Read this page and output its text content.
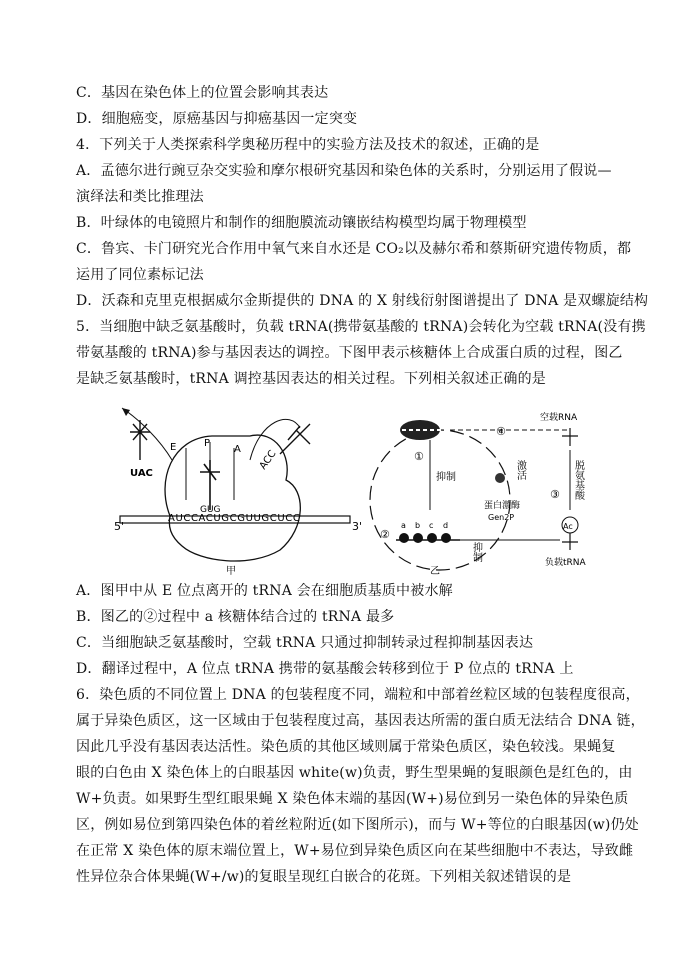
C．基因在染色体上的位置会影响其表达
D．细胞癌变，原癌基因与抑癌基因一定突变
4．下列关于人类探索科学奥秘历程中的实验方法及技术的叙述，正确的是
A．孟德尔进行豌豆杂交实验和摩尔根研究基因和染色体的关系时，分别运用了假说—
演绎法和类比推理法
B．叶绿体的电镜照片和制作的细胞膜流动镶嵌结构模型均属于物理模型
C．鲁宾、卡门研究光合作用中氧气来自水还是 CO₂以及赫尔希和蔡斯研究遗传物质，都
运用了同位素标记法
D．沃森和克里克根据威尔金斯提供的 DNA 的 X 射线衍射图谱提出了 DNA 是双螺旋结构
5．当细胞中缺乏氨基酸时，负载 tRNA(携带氨基酸的 tRNA)会转化为空载 tRNA(没有携
带氨基酸的 tRNA)参与基因表达的调控。下图甲表示核糖体上合成蛋白质的过程，图乙
是缺乏氨基酸时，tRNA 调控基因表达的相关过程。下列相关叙述正确的是
5'	3'
AUCCACUGCGUUGCUCC
E	P
A
UAC
GUG
ACC
甲
①
抑制
④
空载RNA
激活	脱氨基酸
③
蛋白激酶
Gen2P
抑制
Ac
负载tRNA
②
a b c d
乙
A．图甲中从 E 位点离开的 tRNA 会在细胞质基质中被水解
B．图乙的②过程中 a 核糖体结合过的 tRNA 最多
C．当细胞缺乏氨基酸时，空载 tRNA 只通过抑制转录过程抑制基因表达
D．翻译过程中，A 位点 tRNA 携带的氨基酸会转移到位于 P 位点的 tRNA 上
6．染色质的不同位置上 DNA 的包装程度不同，端粒和中部着丝粒区域的包装程度很高，
属于异染色质区，这一区域由于包装程度过高，基因表达所需的蛋白质无法结合 DNA 链，
因此几乎没有基因表达活性。染色质的其他区域则属于常染色质区，染色较浅。果蝇复
眼的白色由 X 染色体上的白眼基因 white(w)负责，野生型果蝇的复眼颜色是红色的，由
W+负责。如果野生型红眼果蝇 X 染色体末端的基因(W+)易位到另一染色体的异染色质
区，例如易位到第四染色体的着丝粒附近(如下图所示)，而与 W+等位的白眼基因(w)仍处
在正常 X 染色体的原末端位置上，W+易位到异染色质区向在某些细胞中不表达，导致雌
性异位杂合体果蝇(W+/w)的复眼呈现红白嵌合的花斑。下列相关叙述错误的是
